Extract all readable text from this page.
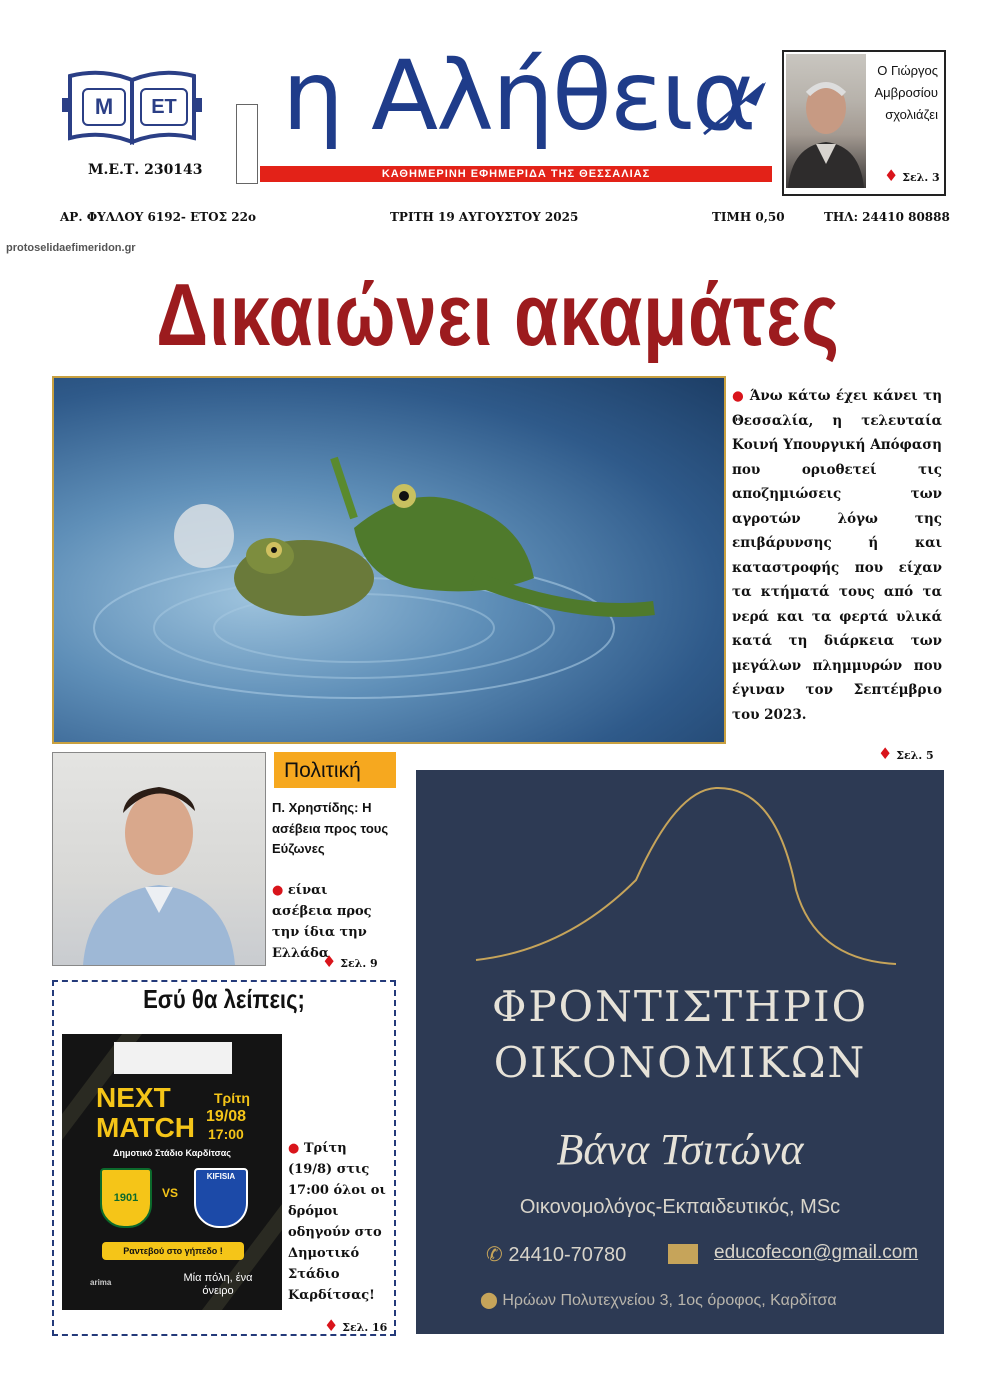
Μ	ΕΤ
Μ.Ε.Τ. 230143
η Αλήθεια
ΚΑΘΗΜΕΡΙΝΗ ΕΦΗΜΕΡΙΔΑ ΤΗΣ ΘΕΣΣΑΛΙΑΣ
Ο Γιώργος
Αμβροσίου
σχολιάζει
♦ Σελ. 3
ΑΡ. ΦΥΛΛΟΥ 6192- ΕΤΟΣ 22ο	ΤΡΙΤΗ 19 ΑΥΓΟΥΣΤΟΥ 2025	ΤΙΜΗ 0,50	ΤΗΛ: 24410 80888
protoselidaefimeridon.gr
Δικαιώνει ακαμάτες
● Άνω κάτω έχει κάνει τη Θεσσαλία, η τελευταία Κοινή Υπουργική Απόφαση που οριοθετεί τις αποζημιώσεις των αγροτών λόγω της επιβάρυνσης ή και καταστροφής που είχαν τα κτήματά τους από τα νερά και τα φερτά υλικά κατά τη διάρκεια των μεγάλων πλημμυρών που έγιναν τον Σεπτέμβριο του 2023.
♦ Σελ. 5
Πολιτική
Π. Χρηστίδης: Η ασέβεια προς τους Εύζωνες
● είναι ασέβεια προς την ίδια την Ελλάδα
♦ Σελ. 9
Εσύ θα λείπεις;
NEXT
MATCH
Τρίτη
19/08
17:00
Δημοτικό Στάδιο Καρδίτσας
1901	VS
KIFISIA
Ραντεβού στο γήπεδο !
arima	Μία πόλη, ένα όνειρο
● Τρίτη (19/8) στις 17:00 όλοι οι δρόμοι οδηγούν στο Δημοτικό Στάδιο Καρδίτσας!
♦ Σελ. 16
ΦΡΟΝΤΙΣΤΗΡΙΟ
ΟΙΚΟΝΟΜΙΚΩΝ
Βάνα Τσιτώνα
Οικονομολόγος-Εκπαιδευτικός, MSc
✆ 24410-70780	educofecon@gmail.com
⬤ Ηρώων Πολυτεχνείου 3, 1ος όροφος, Καρδίτσα
